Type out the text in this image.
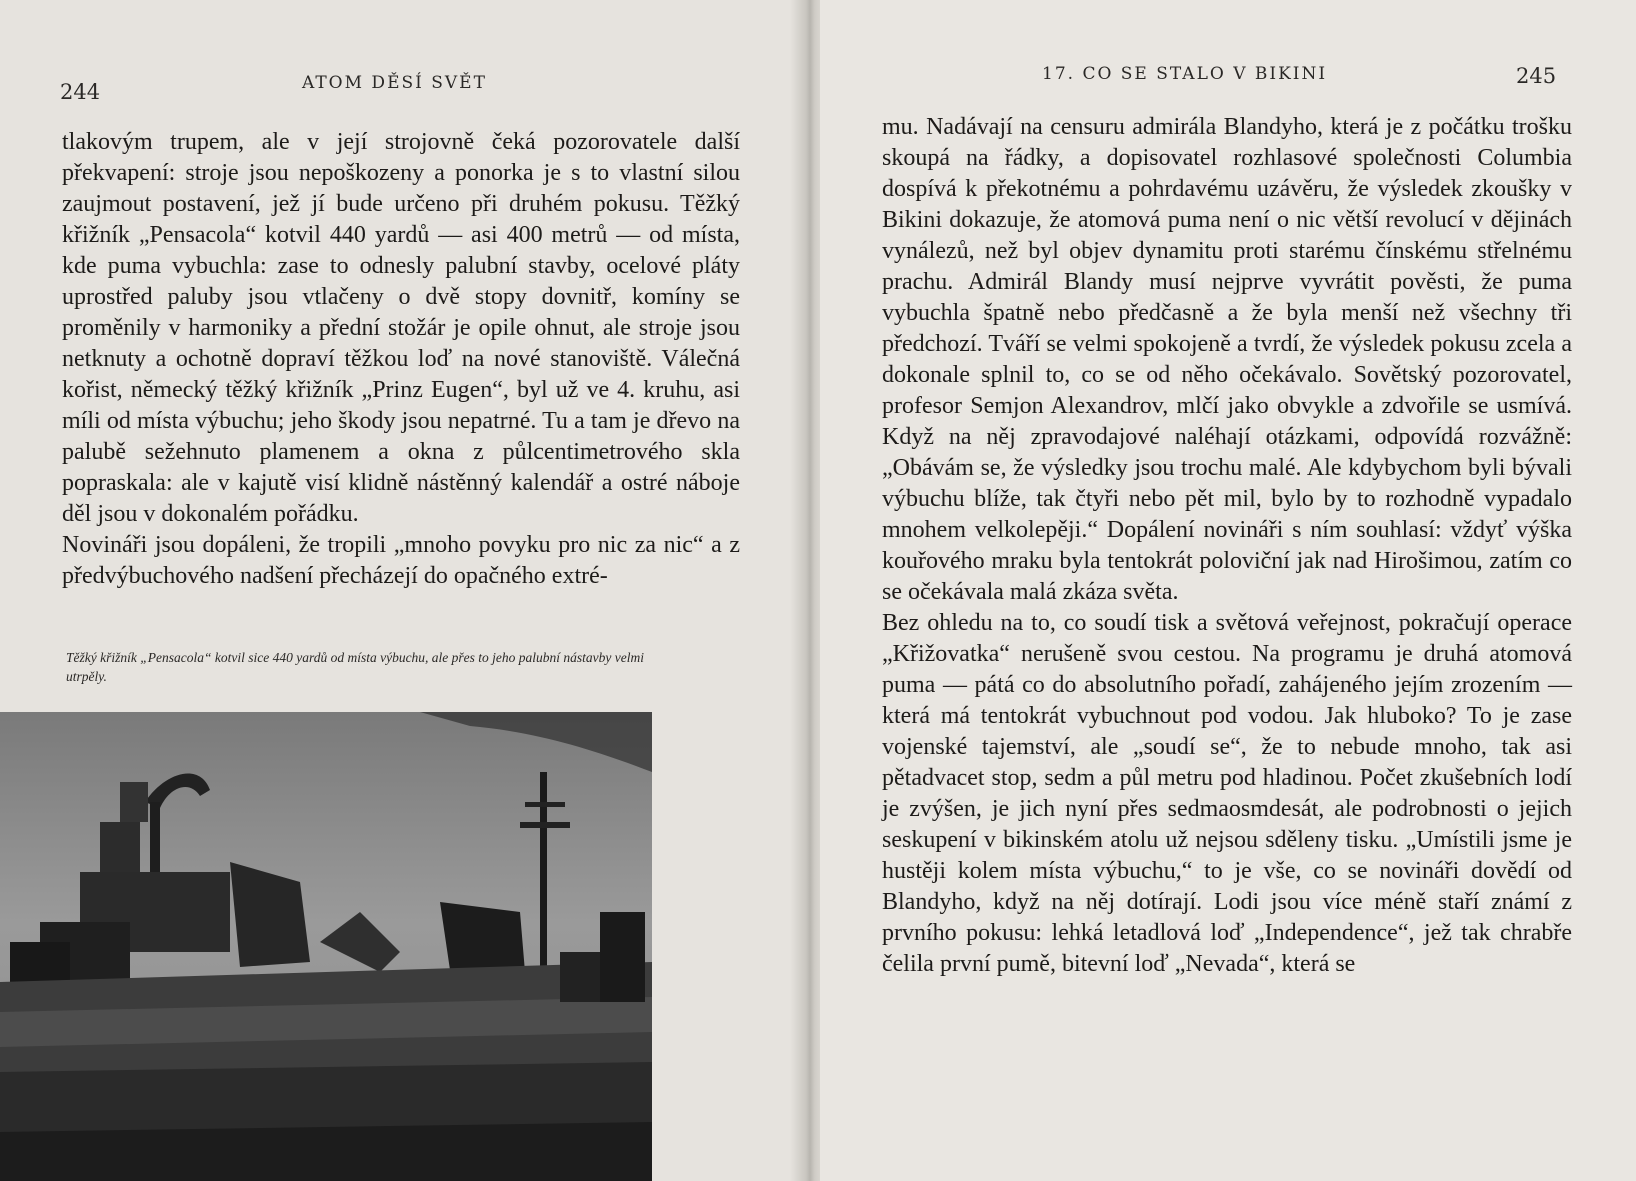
244	ATOM DĚSÍ SVĚT

tlakovým trupem, ale v její strojovně čeká pozorovatele další překvapení: stroje jsou nepoškozeny a ponorka je s to vlastní silou zaujmout postavení, jež jí bude určeno při druhém pokusu. Těžký křižník „Pensacola“ kotvil 440 yardů — asi 400 metrů — od místa, kde puma vybuchla: zase to odnesly palubní stavby, ocelové pláty uprostřed paluby jsou vtlačeny o dvě stopy dovnitř, komíny se proměnily v harmoniky a přední stožár je opile ohnut, ale stroje jsou netknuty a ochotně dopraví těžkou loď na nové stanoviště. Válečná kořist, německý těžký křižník „Prinz Eugen“, byl už ve 4. kruhu, asi míli od místa výbuchu; jeho škody jsou nepatrné. Tu a tam je dřevo na palubě sežehnuto plamenem a okna z půlcentimetrového skla popraskala: ale v kajutě visí klidně nástěnný kalendář a ostré náboje děl jsou v dokonalém pořádku.

Novináři jsou dopáleni, že tropili „mnoho povyku pro nic za nic“ a z předvýbuchového nadšení přecházejí do opačného extré-

Těžký křižník „Pensacola“ kotvil sice 440 yardů od místa výbuchu, ale přes to jeho palubní nástavby velmi utrpěly.
17. CO SE STALO V BIKINI	245

mu. Nadávají na censuru admirála Blandyho, která je z počátku trošku skoupá na řádky, a dopisovatel rozhlasové společnosti Columbia dospívá k překotnému a pohrdavému uzávěru, že výsledek zkoušky v Bikini dokazuje, že atomová puma není o nic větší revolucí v dějinách vynálezů, než byl objev dynamitu proti starému čínskému střelnému prachu. Admirál Blandy musí nejprve vyvrátit pověsti, že puma vybuchla špatně nebo předčasně a že byla menší než všechny tři předchozí. Tváří se velmi spokojeně a tvrdí, že výsledek pokusu zcela a dokonale splnil to, co se od něho očekávalo. Sovětský pozorovatel, profesor Semjon Alexandrov, mlčí jako obvykle a zdvořile se usmívá. Když na něj zpravodajové naléhají otázkami, odpovídá rozvážně: „Obávám se, že výsledky jsou trochu malé. Ale kdybychom byli bývali výbuchu blíže, tak čtyři nebo pět mil, bylo by to rozhodně vypadalo mnohem velkolepěji.“ Dopálení novináři s ním souhlasí: vždyť výška kouřového mraku byla tentokrát poloviční jak nad Hirošimou, zatím co se očekávala malá zkáza světa.

Bez ohledu na to, co soudí tisk a světová veřejnost, pokračují operace „Křižovatka“ nerušeně svou cestou. Na programu je druhá atomová puma — pátá co do absolutního pořadí, zahájeného jejím zrozením — která má tentokrát vybuchnout pod vodou. Jak hluboko? To je zase vojenské tajemství, ale „soudí se“, že to nebude mnoho, tak asi pětadvacet stop, sedm a půl metru pod hladinou. Počet zkušebních lodí je zvýšen, je jich nyní přes sedmaosmdesát, ale podrobnosti o jejich seskupení v bikinském atolu už nejsou sděleny tisku. „Umístili jsme je hustěji kolem místa výbuchu,“ to je vše, co se novináři dovědí od Blandyho, když na něj dotírají. Lodi jsou více méně staří známí z prvního pokusu: lehká letadlová loď „Independence“, jež tak chrabře čelila první pumě, bitevní loď „Nevada“, která se
